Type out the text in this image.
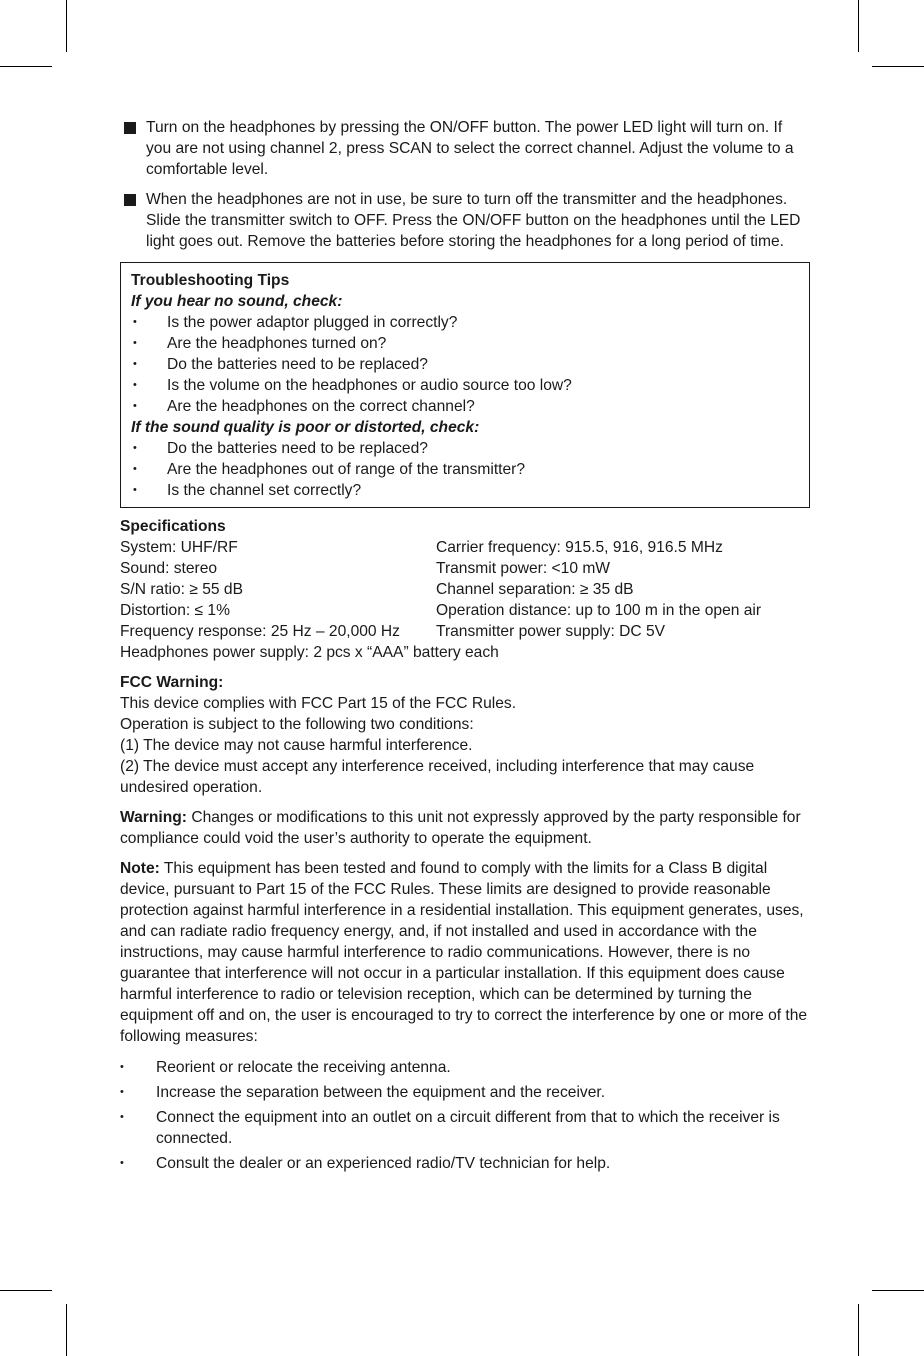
Turn on the headphones by pressing the ON/OFF button. The power LED light will turn on. If you are not using channel 2, press SCAN to select the correct channel. Adjust the volume to a comfortable level.
When the headphones are not in use, be sure to turn off the transmitter and the headphones. Slide the transmitter switch to OFF. Press the ON/OFF button on the headphones until the LED light goes out. Remove the batteries before storing the headphones for a long period of time.
Troubleshooting Tips
If you hear no sound, check:
• Is the power adaptor plugged in correctly?
• Are the headphones turned on?
• Do the batteries need to be replaced?
• Is the volume on the headphones or audio source too low?
• Are the headphones on the correct channel?
If the sound quality is poor or distorted, check:
• Do the batteries need to be replaced?
• Are the headphones out of range of the transmitter?
• Is the channel set correctly?
Specifications
System: UHF/RF	Carrier frequency: 915.5, 916, 916.5 MHz
Sound: stereo	Transmit power: <10 mW
S/N ratio: ≥ 55 dB	Channel separation: ≥ 35 dB
Distortion: ≤ 1%	Operation distance: up to 100 m in the open air
Frequency response: 25 Hz – 20,000 Hz	Transmitter power supply: DC 5V
Headphones power supply: 2 pcs x “AAA” battery each
FCC Warning:
This device complies with FCC Part 15 of the FCC Rules.
Operation is subject to the following two conditions:
(1) The device may not cause harmful interference.
(2) The device must accept any interference received, including interference that may cause undesired operation.
Warning: Changes or modifications to this unit not expressly approved by the party responsible for compliance could void the user’s authority to operate the equipment.
Note: This equipment has been tested and found to comply with the limits for a Class B digital device, pursuant to Part 15 of the FCC Rules. These limits are designed to provide reasonable protection against harmful interference in a residential installation. This equipment generates, uses, and can radiate radio frequency energy, and, if not installed and used in accordance with the instructions, may cause harmful interference to radio communications. However, there is no guarantee that interference will not occur in a particular installation. If this equipment does cause harmful interference to radio or television reception, which can be determined by turning the equipment off and on, the user is encouraged to try to correct the interference by one or more of the following measures:
• Reorient or relocate the receiving antenna.
• Increase the separation between the equipment and the receiver.
• Connect the equipment into an outlet on a circuit different from that to which the receiver is connected.
• Consult the dealer or an experienced radio/TV technician for help.
